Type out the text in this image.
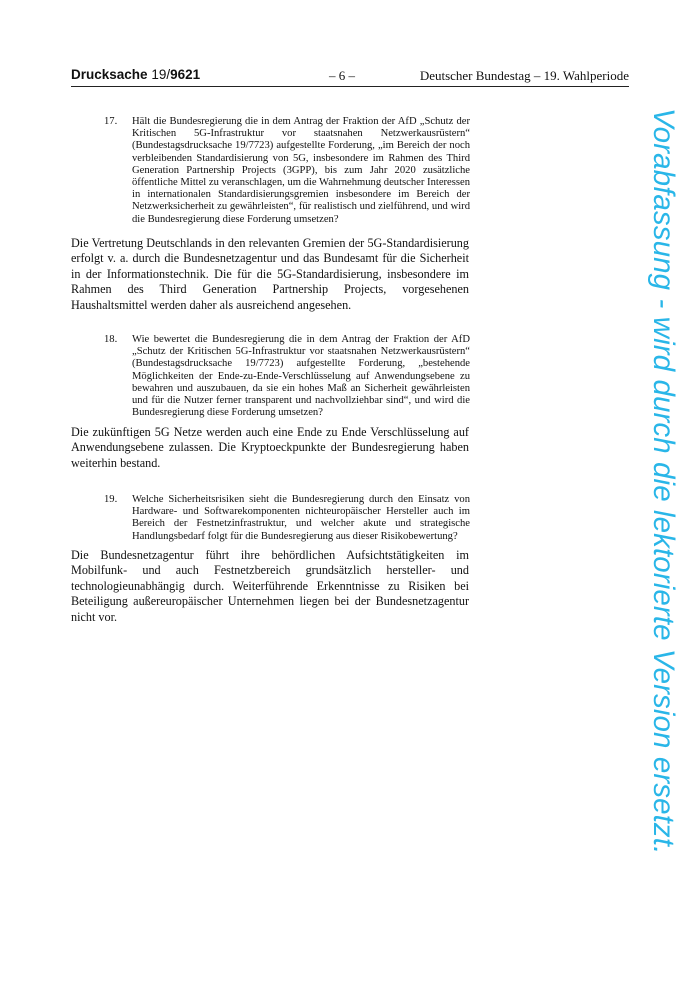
Drucksache 19/9621	– 6 –	Deutscher Bundestag – 19. Wahlperiode
17.	Hält die Bundesregierung die in dem Antrag der Fraktion der AfD „Schutz der Kritischen 5G-Infrastruktur vor staatsnahen Netzwerkausrüstern“ (Bundestagsdrucksache 19/7723) aufgestellte Forderung, „im Bereich der noch verbleibenden Standardisierung von 5G, insbesondere im Rahmen des Third Generation Partnership Projects (3GPP), bis zum Jahr 2020 zusätzliche öffentliche Mittel zu veranschlagen, um die Wahrnehmung deutscher Interessen in internationalen Standardisierungsgremien insbesondere im Bereich der Netzwerksicherheit zu gewährleisten“, für realistisch und zielführend, und wird die Bundesregierung diese Forderung umsetzen?
Die Vertretung Deutschlands in den relevanten Gremien der 5G-Standardisierung erfolgt v. a. durch die Bundesnetzagentur und das Bundesamt für die Sicherheit in der Informationstechnik. Die für die 5G-Standardisierung, insbesondere im Rahmen des Third Generation Partnership Projects, vorgesehenen Haushaltsmittel werden daher als ausreichend angesehen.
18.	Wie bewertet die Bundesregierung die in dem Antrag der Fraktion der AfD „Schutz der Kritischen 5G-Infrastruktur vor staatsnahen Netzwerkausrüstern“ (Bundestagsdrucksache 19/7723) aufgestellte Forderung, „bestehende Möglichkeiten der Ende-zu-Ende-Verschlüsselung auf Anwendungsebene zu bewahren und auszubauen, da sie ein hohes Maß an Sicherheit gewährleisten und für die Nutzer ferner transparent und nachvollziehbar sind“, und wird die Bundesregierung diese Forderung umsetzen?
Die zukünftigen 5G Netze werden auch eine Ende zu Ende Verschlüsselung auf Anwendungsebene zulassen. Die Kryptoeckpunkte der Bundesregierung haben weiterhin bestand.
19.	Welche Sicherheitsrisiken sieht die Bundesregierung durch den Einsatz von Hardware- und Softwarekomponenten nichteuropäischer Hersteller auch im Bereich der Festnetzinfrastruktur, und welcher akute und strategische Handlungsbedarf folgt für die Bundesregierung aus dieser Risikobewertung?
Die Bundesnetzagentur führt ihre behördlichen Aufsichtstätigkeiten im Mobilfunk- und auch Festnetzbereich grundsätzlich hersteller- und technologieunabhängig durch. Weiterführende Erkenntnisse zu Risiken bei Beteiligung außereuropäischer Unternehmen liegen bei der Bundesnetzagentur nicht vor.	Vorabfassung - wird durch die lektorierte Version ersetzt.
